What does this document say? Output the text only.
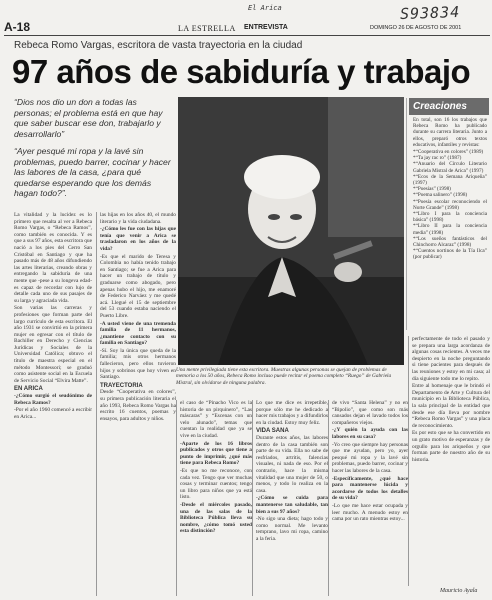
S93834
El Arica
A-18	LA ESTRELLA ENTREVISTA	DOMINGO 26 DE AGOSTO DE 2001
Rebeca Romo Vargas, escritora de vasta trayectoria en la ciudad
97 años de sabiduría y trabajo
“Dios nos dio un don a todas las personas; el problema está en que hay que saber buscar ese don, trabajarlo y desarrollarlo”
“Ayer pesqué mi ropa y la lavé sin problemas, puedo barrer, cocinar y hacer las labores de la casa, ¿para qué quedarse esperando que los demás hagan todo?”.
Una mente privilegiada tiene esta escritora. Muestras algunas personas se quejan de problemas de memoria a los 50 años, Rebeca Romo incluso puede recitar el poema completo “Ruego” de Gabriela Mistral, sin olvidarse de ninguna palabra.
Creaciones
En total, son 16 los trabajos que Rebeca Romo ha publicado durante su carrera literaria. Junto a ellos, preparó otros textos educativos, infantiles y revistas:
*“Cooperativa en colores” (1989)
*“Ta jay rac ro” (1987)
*“Anuario del Círculo Literario Gabriela Mistral de Arica” (1997)
*“Ecos de la Semana Ariqueña” (1997)
*“Poesías” (1998)
*“Poema salinero” (1998)
*“Poesía escolar reconociendo el Norte Grande” (1998)
*“Libro I para la conciencia básica” (1998)
*“Libro II para la conciencia media” (1998)
*“Los sueños fantásticos del Chinchorro Alcaraz” (1998)
*“Cuentos nortinos de la Tía Ilca” (por publicar)

La vitalidad y la lucidez es lo primero que resalta al ver a Rebeca Romo Vargas, o “Rebeca Ramos”, como también es conocida. Y es que a sus 97 años, esta escritora que nació a los pies del Cerro San Cristóbal en Santiago y que ha pasado más de 48 años difundiendo las artes literarias, creando obras y entregando la sabiduría de una mente que -pese a su longeva edad- es capaz de recordar con lujo de detalle cada uno de sus pasajes de su larga y agraciada vida.

Son varias las carreras y profesiones que forman parte del largo currículo de esta escritora. El año 1931 se convirtió en la primera mujer en egresar con el título de Bachiller en Derecho y Ciencias Jurídicas y Sociales de la Universidad Católica; obtuvo el título de maestra especial en el método Montessori; se graduó como asistente social en la Escuela de Servicio Social “Elvira Matte”.

EN ARICA

-¿Cómo surgió el seudónimo de Rebeca Ramos?

-Por el año 1960 comencé a escribir en Arica...

las hijas en los años 40, el mundo literario y la vida ciudadana.

-¿Cómo les fue con las hijas que tenía que venir a Arica se trasladaron en los años de la vida?

-Es que el marido de Teresa y Colombia no había tenido trabajo en Santiago; se fue a Arica para hacer un trabajo de título y graduarse como abogado, pero apenas hubo el hijo, me enamoré de Federico Narváez y me quedé acá. Llegué el 15 de septiembre del 53 cuando estaba naciendo el Puerto Libre.

-A usted viene de una tremenda familia de 11 hermanos, ¿mantiene contacto con su familia en Santiago?

-Sí. Soy la única que queda de la familia; mis otros hermanos fallecieron, pero ellos tuvieron hijos y sobrinos que hoy viven en Santiago.

TRAYECTORIA

Desde “Cooperativa en colores”, su primera publicación literaria el año 1993, Rebeca Romo Vargas ha escrito 16 cuentos, poemas y ensayos, para adultos y niños.

el caso de “Pinacho Vico es la historia de un pirquinero”, “Las máscaras” y “Escenas con un velo alunado”, temas que cuentan la realidad que ya se vive en la ciudad.

-Aparte de los 16 libros publicados y otros que tiene a punto de imprimir, ¿qué más tiene para Rebeca Romo?

-Es que no me reconoce, con cada vez. Tengo que ver muchas cosas y terminar cuentos; tengo un libro para niños que ya está listo.

-Desde el miércoles pasado, una de las salas de la Biblioteca Pública lleva su nombre, ¿cómo tomó usted esta distinción?

Lo que me dice es irrepetible, porque sólo me he dedicado a hacer mis trabajos y a difundirlos en la ciudad. Estoy muy feliz.

VIDA SANA

Durante estos años, las labores dentro de la casa también son parte de su vida. Ella no sabe de resfriados, artritis, falencias visuales, ni nada de eso. Por el contrario, hace la misma vitalidad que una mujer de 50, o menos, y todo lo realiza en la casa.

-¿Cómo se cuida para mantenerse tan saludable, tan bien a sus 97 años?

-No sigo una dieta; hago todo y como normal. Me levanto temprano, lavo mi ropa, camino a la feria.

de vivo “Santa Helena” y no en “Bipolio”, que como son más cansados dejan el lavado todos los compañeros viejos.

-¿Y quién la ayuda con las labores en su casa?

-Yo creo que siempre hay personas que me ayudan, pero yo, ayer pesqué mi ropa y la lavé sin problemas, puedo barrer, cocinar y hacer las labores de la casa.

-Específicamente, ¿qué hace para mantenerse lúcida y acordarse de todos los detalles de su vida?

-Lo que me hace estar ocupada y leer mucho. A menudo estoy en cama por un rato mientras estoy...

perfectamente de todo el pasado y se prepara una larga acordanza de algunas cosas recientes. A veces me despierto en la noche preguntando si tiene pacientes para después de las reuniones y estoy en mi casa; al día siguiente todo me lo repito.

Entre al homenaje que le brindó el Departamento de Arte y Cultura del municipio en la Biblioteca Pública, la sala principal de la entidad que desde ese día lleva por nombre “Rebeca Romo Vargas” y una placa de reconocimiento.

Es por esto que se ha convertido en un grato motivo de esperanzas y de orgullo para los ariqueños y que forman parte de nuestro año de su historia.

Mauricio Ayala
